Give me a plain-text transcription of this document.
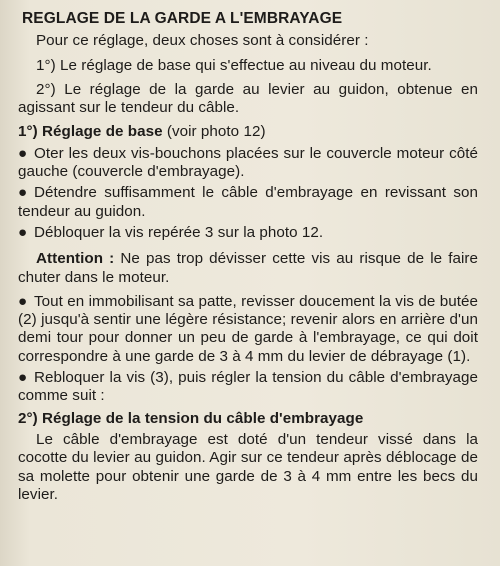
REGLAGE DE LA GARDE A L'EMBRAYAGE

Pour ce réglage, deux choses sont à considérer :

1°) Le réglage de base qui s'effectue au niveau du moteur.

2°) Le réglage de la garde au levier au guidon, obtenue en agissant sur le tendeur du câble.

1°) Réglage de base (voir photo 12)

● Oter les deux vis-bouchons placées sur le couvercle moteur côté gauche (couvercle d'embrayage).

● Détendre suffisamment le câble d'embrayage en revissant son tendeur au guidon.

● Débloquer la vis repérée 3 sur la photo 12.

Attention : Ne pas trop dévisser cette vis au risque de le faire chuter dans le moteur.

● Tout en immobilisant sa patte, revisser doucement la vis de butée (2) jusqu'à sentir une légère résistance; revenir alors en arrière d'un demi tour pour donner un peu de garde à l'embrayage, ce qui doit correspondre à une garde de 3 à 4 mm du levier de débrayage (1).

● Rebloquer la vis (3), puis régler la tension du câble d'embrayage comme suit :

2°) Réglage de la tension du câble d'embrayage

Le câble d'embrayage est doté d'un tendeur vissé dans la cocotte du levier au guidon. Agir sur ce tendeur après déblocage de sa molette pour obtenir une garde de 3 à 4 mm entre les becs du levier.
